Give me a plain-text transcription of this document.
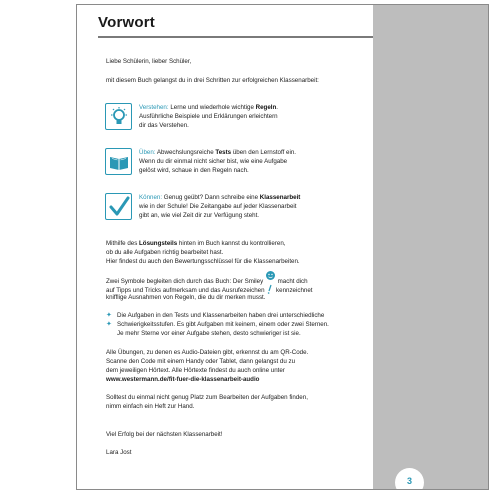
Vorwort
Liebe Schülerin, lieber Schüler,
mit diesem Buch gelangst du in drei Schritten zur erfolgreichen Klassenarbeit:
Verstehen: Lerne und wiederhole wichtige Regeln.
Ausführliche Beispiele und Erklärungen erleichtern
dir das Verstehen.
Üben: Abwechslungsreiche Tests üben den Lernstoff ein.
Wenn du dir einmal nicht sicher bist, wie eine Aufgabe
gelöst wird, schaue in den Regeln nach.
Können: Genug geübt? Dann schreibe eine Klassenarbeit
wie in der Schule! Die Zeitangabe auf jeder Klassenarbeit
gibt an, wie viel Zeit dir zur Verfügung steht.
Mithilfe des Lösungsteils hinten im Buch kannst du kontrollieren,
ob du alle Aufgaben richtig bearbeitet hast.
Hier findest du auch den Bewertungsschlüssel für die Klassenarbeiten.
Zwei Symbole begleiten dich durch das Buch: Der Smiley macht dich
auf Tipps und Tricks aufmerksam und das Ausrufezeichen kennzeichnet
knifflige Ausnahmen von Regeln, die du dir merken musst.
✦
✦
Die Aufgaben in den Tests und Klassenarbeiten haben drei unterschiedliche
Schwierigkeitsstufen. Es gibt Aufgaben mit keinem, einem oder zwei Sternen.
Je mehr Sterne vor einer Aufgabe stehen, desto schwieriger ist sie.
Alle Übungen, zu denen es Audio-Dateien gibt, erkennst du am QR-Code.
Scanne den Code mit einem Handy oder Tablet, dann gelangst du zu
dem jeweiligen Hörtext. Alle Hörtexte findest du auch online unter
www.westermann.de/fit-fuer-die-klassenarbeit-audio
Solltest du einmal nicht genug Platz zum Bearbeiten der Aufgaben finden,
nimm einfach ein Heft zur Hand.
Viel Erfolg bei der nächsten Klassenarbeit!
Lara Jost
3
